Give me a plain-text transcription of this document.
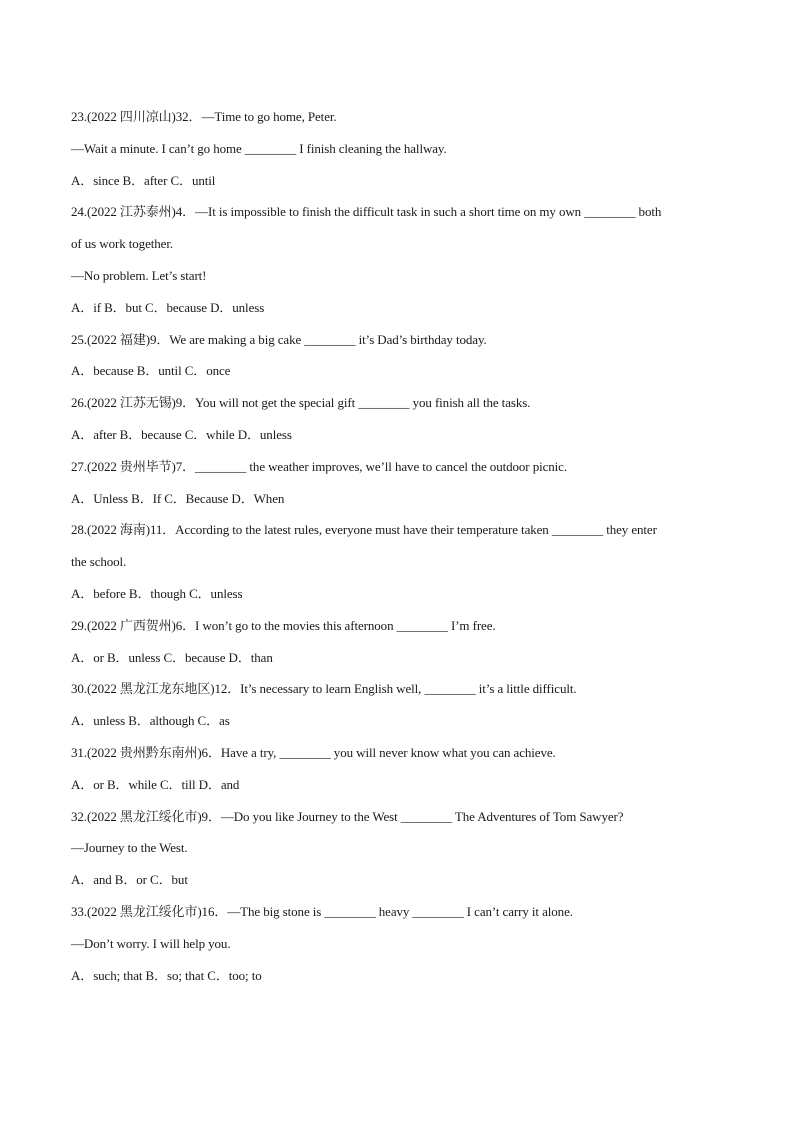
23.(2022 四川凉山)32．—Time to go home, Peter.
—Wait a minute. I can’t go home ________ I finish cleaning the hallway.
A．since B．after C．until
24.(2022 江苏泰州)4．—It is impossible to finish the difficult task in such a short time on my own ________ both
of us work together.
—No problem. Let’s start!
A．if B．but C．because D．unless
25.(2022 福建)9．We are making a big cake ________ it’s Dad’s birthday today.
A．because B．until C．once
26.(2022 江苏无锡)9．You will not get the special gift ________ you finish all the tasks.
A．after B．because C．while D．unless
27.(2022 贵州毕节)7．________ the weather improves, we’ll have to cancel the outdoor picnic.
A．Unless B．If C．Because D．When
28.(2022 海南)11．According to the latest rules, everyone must have their temperature taken ________ they enter
the school.
A．before B．though C．unless
29.(2022 广西贺州)6．I won’t go to the movies this afternoon ________ I’m free.
A．or B．unless C．because D．than
30.(2022 黑龙江龙东地区)12．It’s necessary to learn English well, ________ it’s a little difficult.
A．unless B．although C．as
31.(2022 贵州黔东南州)6．Have a try, ________ you will never know what you can achieve.
A．or B．while C．till D．and
32.(2022 黑龙江绥化市)9．—Do you like Journey to the West ________ The Adventures of Tom Sawyer?
—Journey to the West.
A．and B．or C．but
33.(2022 黑龙江绥化市)16．—The big stone is ________ heavy ________ I can’t carry it alone.
—Don’t worry. I will help you.
A．such; that B．so; that C．too; to
